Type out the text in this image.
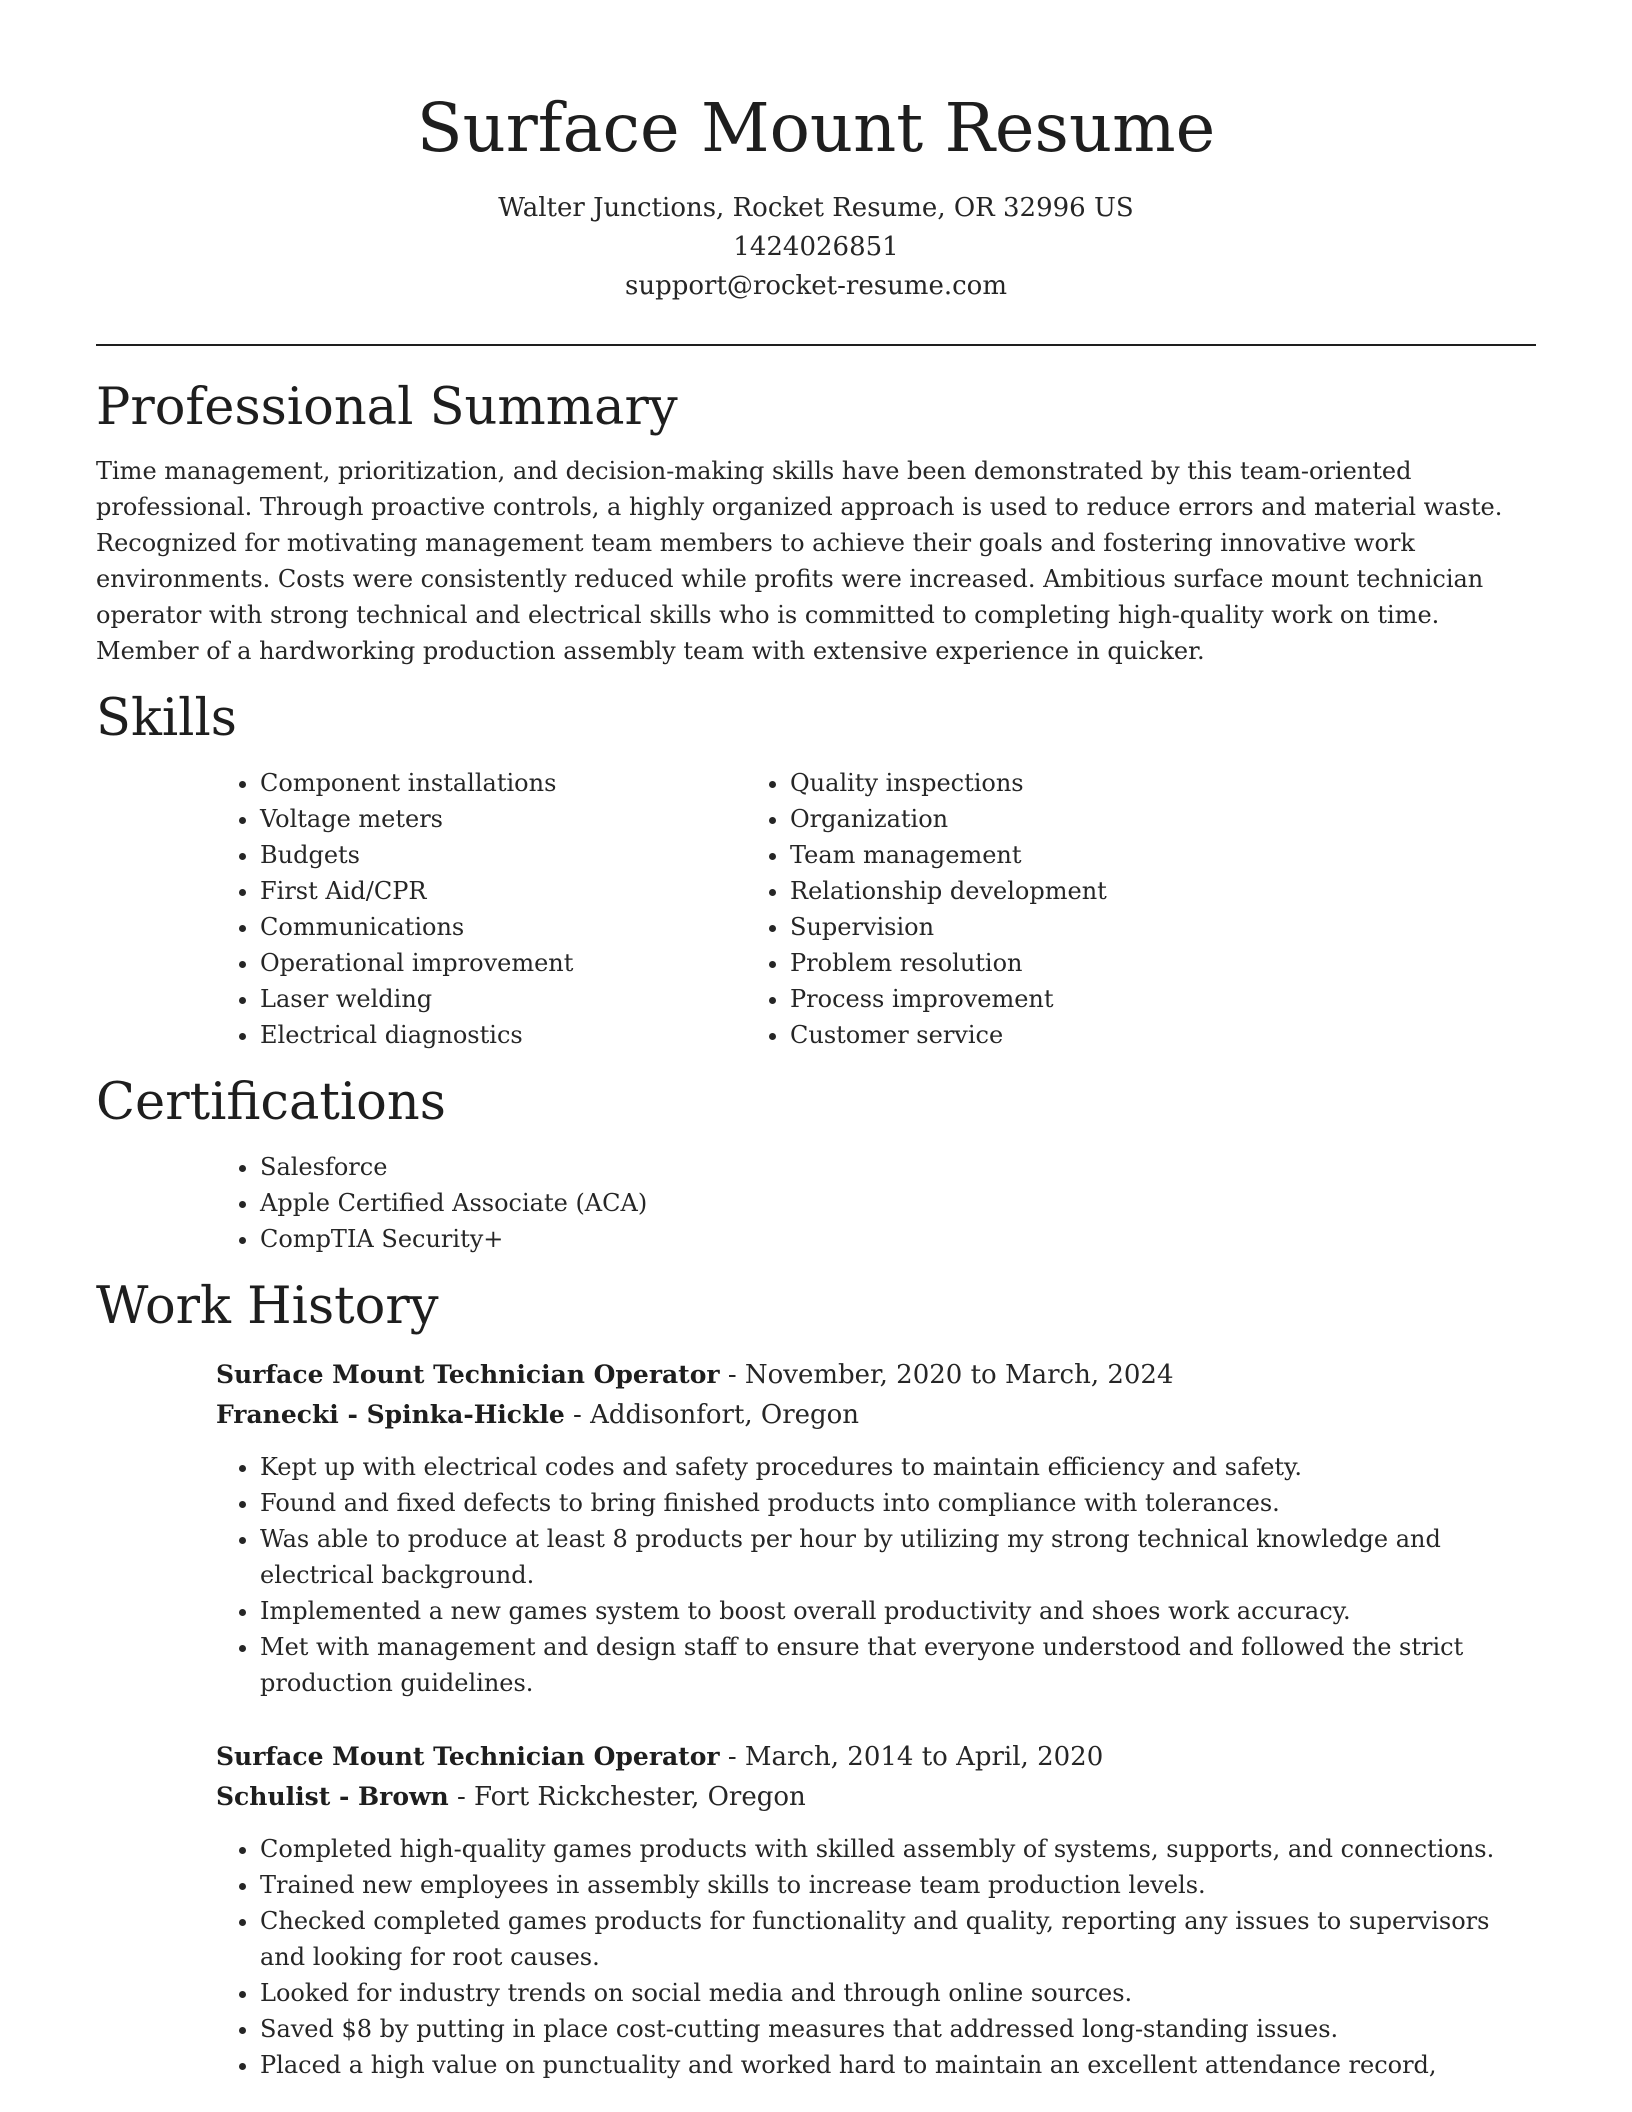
Surface Mount Resume

Walter Junctions, Rocket Resume, OR 32996 US

1424026851

support@rocket-resume.com

Professional Summary

Time management, prioritization, and decision-making skills have been demonstrated by this team-oriented professional. Through proactive controls, a highly organized approach is used to reduce errors and material waste. Recognized for motivating management team members to achieve their goals and fostering innovative work environments. Costs were consistently reduced while profits were increased. Ambitious surface mount technician operator with strong technical and electrical skills who is committed to completing high-quality work on time. Member of a hardworking production assembly team with extensive experience in quicker.

Skills
• Component installations
• Voltage meters
• Budgets
• First Aid/CPR
• Communications
• Operational improvement
• Laser welding
• Electrical diagnostics
• Quality inspections
• Organization
• Team management
• Relationship development
• Supervision
• Problem resolution
• Process improvement
• Customer service
Certifications
• Salesforce
• Apple Certified Associate (ACA)
• CompTIA Security+
Work History

Surface Mount Technician Operator - November, 2020 to March, 2024

Franecki - Spinka-Hickle - Addisonfort, Oregon

• Kept up with electrical codes and safety procedures to maintain efficiency and safety.
• Found and fixed defects to bring finished products into compliance with tolerances.
• Was able to produce at least 8 products per hour by utilizing my strong technical knowledge and electrical background.
• Implemented a new games system to boost overall productivity and shoes work accuracy.
• Met with management and design staff to ensure that everyone understood and followed the strict production guidelines.

Surface Mount Technician Operator - March, 2014 to April, 2020

Schulist - Brown - Fort Rickchester, Oregon

• Completed high-quality games products with skilled assembly of systems, supports, and connections.
• Trained new employees in assembly skills to increase team production levels.
• Checked completed games products for functionality and quality, reporting any issues to supervisors and looking for root causes.
• Looked for industry trends on social media and through online sources.
• Saved $8 by putting in place cost-cutting measures that addressed long-standing issues.
• Placed a high value on punctuality and worked hard to maintain an excellent attendance record,
